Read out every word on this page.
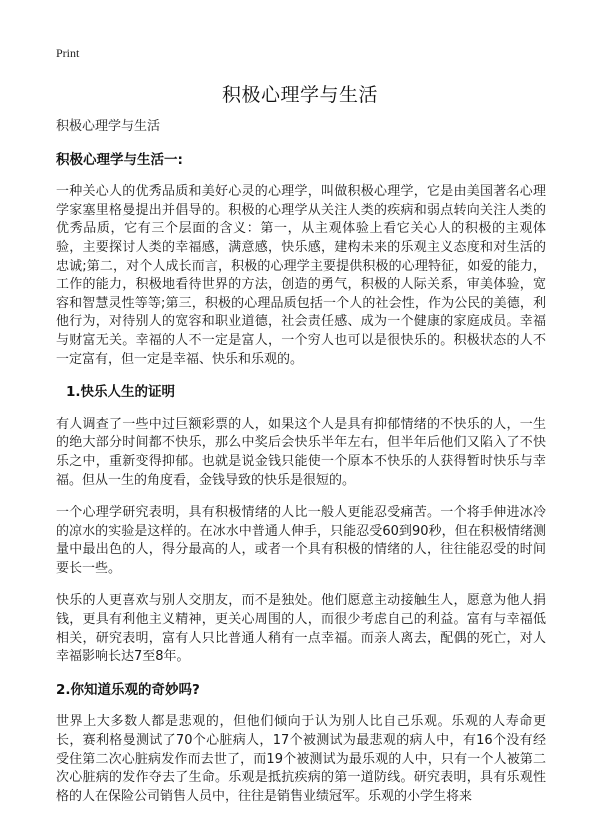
Print
积极心理学与生活
积极心理学与生活
积极心理学与生活一:

一种关心人的优秀品质和美好心灵的心理学，叫做积极心理学，它是由美国著名心理学家塞里格曼提出并倡导的。积极的心理学从关注人类的疾病和弱点转向关注人类的优秀品质，它有三个层面的含义：第一，从主观体验上看它关心人的积极的主观体验，主要探讨人类的幸福感，满意感，快乐感，建构未来的乐观主义态度和对生活的忠诚;第二，对个人成长而言，积极的心理学主要提供积极的心理特征，如爱的能力，工作的能力，积极地看待世界的方法，创造的勇气，积极的人际关系，审美体验，宽容和智慧灵性等等;第三，积极的心理品质包括一个人的社会性，作为公民的美德，利他行为，对待别人的宽容和职业道德，社会责任感、成为一个健康的家庭成员。幸福与财富无关。幸福的人不一定是富人，一个穷人也可以是很快乐的。积极状态的人不一定富有，但一定是幸福、快乐和乐观的。

1.快乐人生的证明

有人调查了一些中过巨额彩票的人，如果这个人是具有抑郁情绪的不快乐的人，一生的绝大部分时间都不快乐，那么中奖后会快乐半年左右，但半年后他们又陷入了不快乐之中，重新变得抑郁。也就是说金钱只能使一个原本不快乐的人获得暂时快乐与幸福。但从一生的角度看，金钱导致的快乐是很短的。

一个心理学研究表明，具有积极情绪的人比一般人更能忍受痛苦。一个将手伸进冰冷的凉水的实验是这样的。在冰水中普通人伸手，只能忍受60到90秒，但在积极情绪测量中最出色的人，得分最高的人，或者一个具有积极的情绪的人，往往能忍受的时间要长一些。

快乐的人更喜欢与别人交朋友，而不是独处。他们愿意主动接触生人，愿意为他人捐钱，更具有利他主义精神，更关心周围的人，而很少考虑自己的利益。富有与幸福低相关，研究表明，富有人只比普通人稍有一点幸福。而亲人离去，配偶的死亡，对人幸福影响长达7至8年。

2.你知道乐观的奇妙吗?

世界上大多数人都是悲观的，但他们倾向于认为别人比自己乐观。乐观的人寿命更长，赛利格曼测试了70个心脏病人，17个被测试为最悲观的病人中，有16个没有经受住第二次心脏病发作而去世了，而19个被测试为最乐观的人中，只有一个人被第二次心脏病的发作夺去了生命。乐观是抵抗疾病的第一道防线。研究表明，具有乐观性格的人在保险公司销售人员中，往往是销售业绩冠军。乐观的小学生将来
